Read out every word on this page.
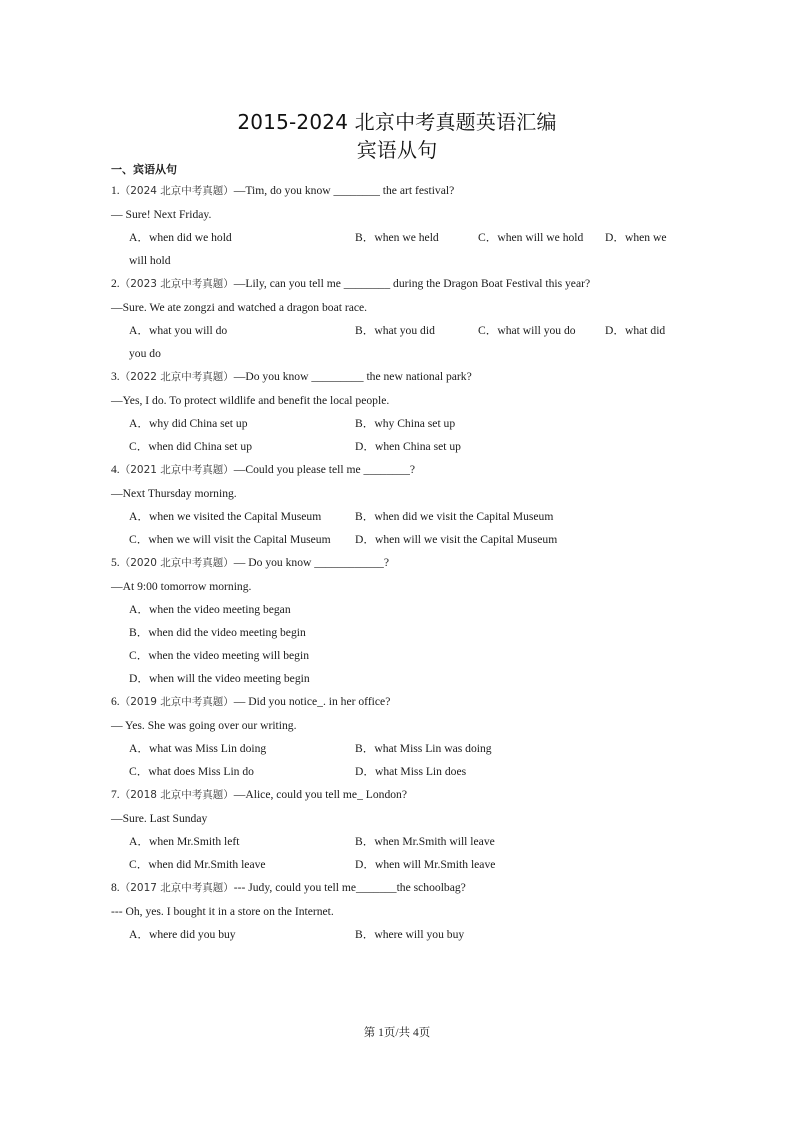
2015-2024 北京中考真题英语汇编
宾语从句
一、宾语从句
1.（2024 北京中考真题）—Tim, do you know ________ the art festival?
— Sure! Next Friday.
A．when did we hold	B．when we held	C．when will we hold D．when we
will hold
2.（2023 北京中考真题）—Lily, can you tell me ________ during the Dragon Boat Festival this year?
—Sure. We ate zongzi and watched a dragon boat race.
A．what you will do	B．what you did	C．what will you do	D．what did
you do
3.（2022 北京中考真题）—Do you know _________ the new national park?
—Yes, I do. To protect wildlife and benefit the local people.
A．why did China set up	B．why China set up
C．when did China set up	D．when China set up
4.（2021 北京中考真题）—Could you please tell me ________?
—Next Thursday morning.
A．when we visited the Capital Museum	B．when did we visit the Capital Museum
C．when we will visit the Capital Museum D．when will we visit the Capital Museum
5.（2020 北京中考真题）— Do you know ____________?
—At 9:00 tomorrow morning.
A．when the video meeting began
B．when did the video meeting begin
C．when the video meeting will begin
D．when will the video meeting begin
6.（2019 北京中考真题）— Did you notice_. in her office?
— Yes. She was going over our writing.
A．what was Miss Lin doing	B．what Miss Lin was doing
C．what does Miss Lin do	D．what Miss Lin does
7.（2018 北京中考真题）—Alice, could you tell me_ London?
—Sure. Last Sunday
A．when Mr.Smith left	B．when Mr.Smith will leave
C．when did Mr.Smith leave	D．when will Mr.Smith leave
8.（2017 北京中考真题）--- Judy, could you tell me_______the schoolbag?
--- Oh, yes. I bought it in a store on the Internet.
A．where did you buy	B．where will you buy
第 1页/共 4页
